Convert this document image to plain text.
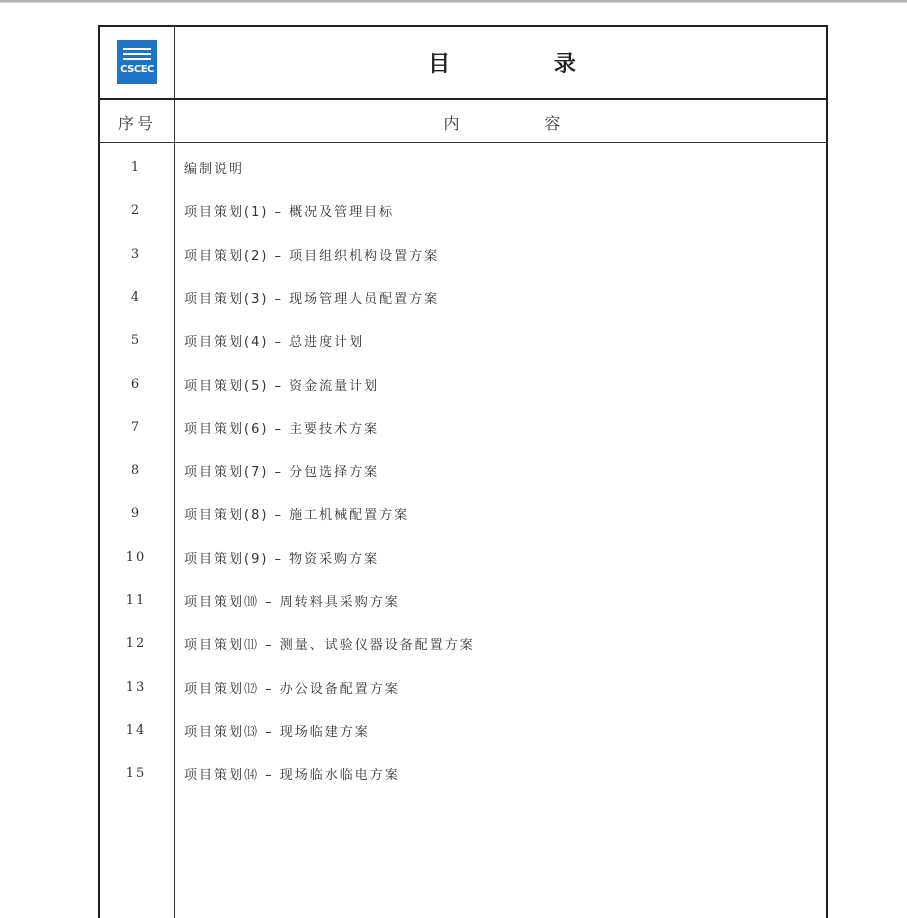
CSCEC	目 录
序号	内 容
1	编制说明
2	项目策划(1) – 概况及管理目标
3	项目策划(2) – 项目组织机构设置方案
4	项目策划(3) – 现场管理人员配置方案
5	项目策划(4) – 总进度计划
6	项目策划(5) – 资金流量计划
7	项目策划(6) – 主要技术方案
8	项目策划(7) – 分包选择方案
9	项目策划(8) – 施工机械配置方案
10	项目策划(9) – 物资采购方案
11	项目策划⑽ – 周转料具采购方案
12	项目策划⑾ – 测量、试验仪器设备配置方案
13	项目策划⑿ – 办公设备配置方案
14	项目策划⒀ – 现场临建方案
15	项目策划⒁ – 现场临水临电方案
